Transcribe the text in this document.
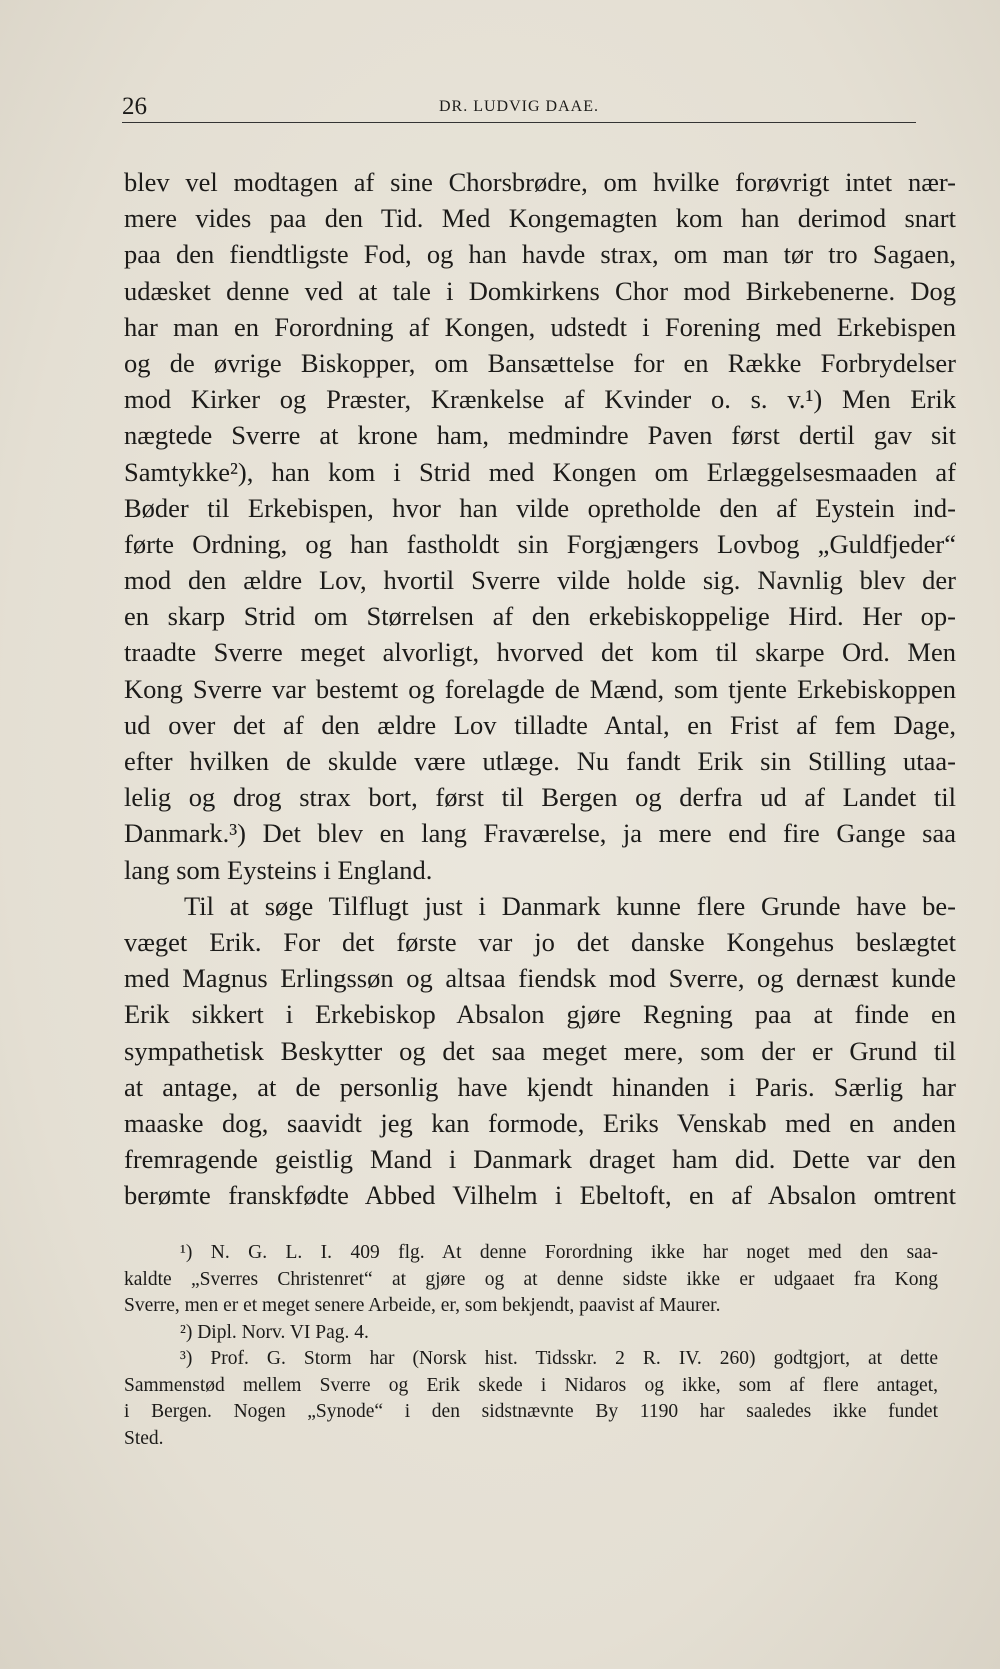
26	DR. LUDVIG DAAE.
blev vel modtagen af sine Chorsbrødre, om hvilke forøvrigt intet nær-
mere vides paa den Tid. Med Kongemagten kom han derimod snart
paa den fiendtligste Fod, og han havde strax, om man tør tro Sagaen,
udæsket denne ved at tale i Domkirkens Chor mod Birkebenerne. Dog
har man en Forordning af Kongen, udstedt i Forening med Erkebispen
og de øvrige Biskopper, om Bansættelse for en Række Forbrydelser
mod Kirker og Præster, Krænkelse af Kvinder o. s. v.¹) Men Erik
nægtede Sverre at krone ham, medmindre Paven først dertil gav sit
Samtykke²), han kom i Strid med Kongen om Erlæggelsesmaaden af
Bøder til Erkebispen, hvor han vilde opretholde den af Eystein ind-
førte Ordning, og han fastholdt sin Forgjængers Lovbog „Guldfjeder“
mod den ældre Lov, hvortil Sverre vilde holde sig. Navnlig blev der
en skarp Strid om Størrelsen af den erkebiskoppelige Hird. Her op-
traadte Sverre meget alvorligt, hvorved det kom til skarpe Ord. Men
Kong Sverre var bestemt og forelagde de Mænd, som tjente Erkebiskoppen
ud over det af den ældre Lov tilladte Antal, en Frist af fem Dage,
efter hvilken de skulde være utlæge. Nu fandt Erik sin Stilling utaa-
lelig og drog strax bort, først til Bergen og derfra ud af Landet til
Danmark.³) Det blev en lang Fraværelse, ja mere end fire Gange saa
lang som Eysteins i England.
Til at søge Tilflugt just i Danmark kunne flere Grunde have be-
væget Erik. For det første var jo det danske Kongehus beslægtet
med Magnus Erlingssøn og altsaa fiendsk mod Sverre, og dernæst kunde
Erik sikkert i Erkebiskop Absalon gjøre Regning paa at finde en
sympathetisk Beskytter og det saa meget mere, som der er Grund til
at antage, at de personlig have kjendt hinanden i Paris. Særlig har
maaske dog, saavidt jeg kan formode, Eriks Venskab med en anden
fremragende geistlig Mand i Danmark draget ham did. Dette var den
berømte franskfødte Abbed Vilhelm i Ebeltoft, en af Absalon omtrent
¹) N. G. L. I. 409 flg. At denne Forordning ikke har noget med den saa-
kaldte „Sverres Christenret“ at gjøre og at denne sidste ikke er udgaaet fra Kong
Sverre, men er et meget senere Arbeide, er, som bekjendt, paavist af Maurer.
²) Dipl. Norv. VI Pag. 4.
³) Prof. G. Storm har (Norsk hist. Tidsskr. 2 R. IV. 260) godtgjort, at dette
Sammenstød mellem Sverre og Erik skede i Nidaros og ikke, som af flere antaget,
i Bergen. Nogen „Synode“ i den sidstnævnte By 1190 har saaledes ikke fundet
Sted.
